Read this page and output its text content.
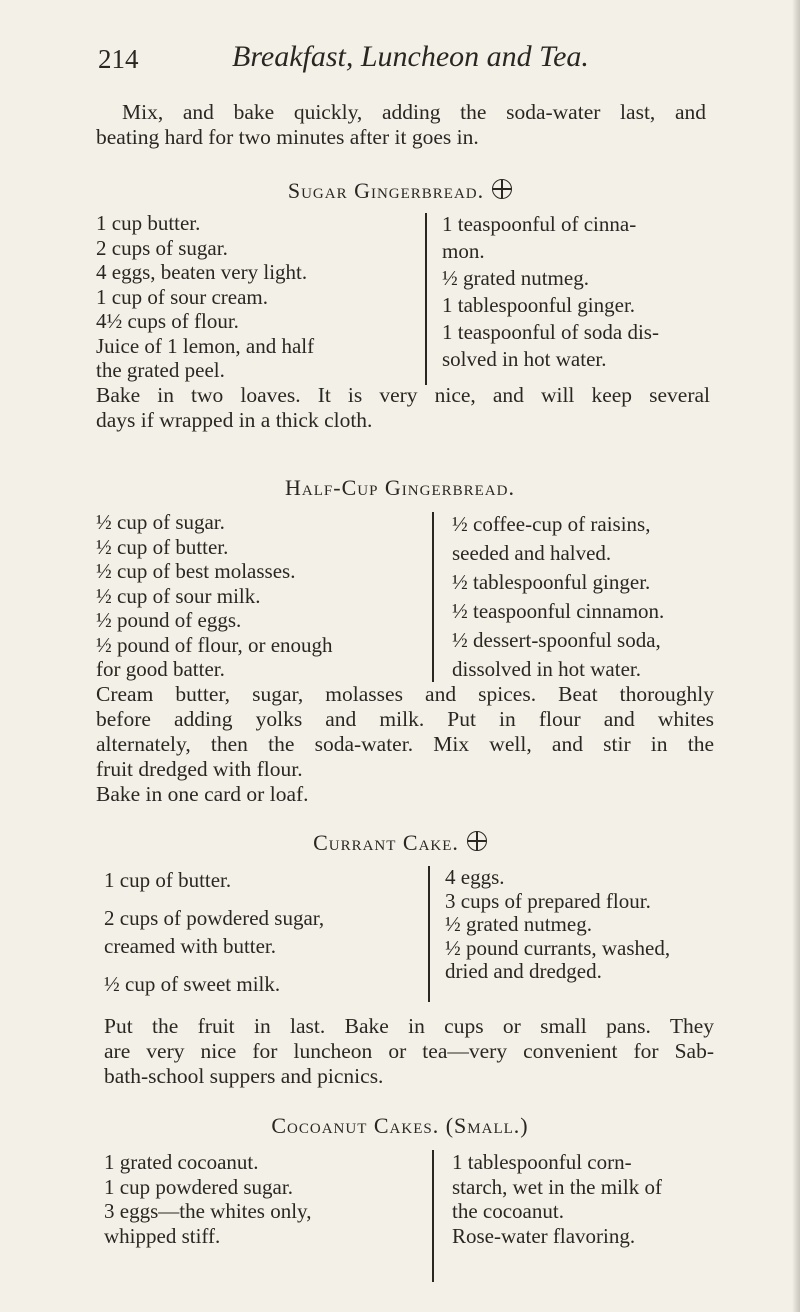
214	Breakfast, Luncheon and Tea.
Mix, and bake quickly, adding the soda-water last, and
beating hard for two minutes after it goes in.
Sugar Gingerbread.
1 cup butter.
2 cups of sugar.
4 eggs, beaten very light.
1 cup of sour cream.
4½ cups of flour.
Juice of 1 lemon, and half
the grated peel.
1 teaspoonful of cinna-
mon.
½ grated nutmeg.
1 tablespoonful ginger.
1 teaspoonful of soda dis-
solved in hot water.
Bake in two loaves. It is very nice, and will keep several
days if wrapped in a thick cloth.
Half-Cup Gingerbread.
½ cup of sugar.
½ cup of butter.
½ cup of best molasses.
½ cup of sour milk.
½ pound of eggs.
½ pound of flour, or enough
for good batter.
½ coffee-cup of raisins,
seeded and halved.
½ tablespoonful ginger.
½ teaspoonful cinnamon.
½ dessert-spoonful soda,
dissolved in hot water.
Cream butter, sugar, molasses and spices. Beat thoroughly
before adding yolks and milk. Put in flour and whites
alternately, then the soda-water. Mix well, and stir in the
fruit dredged with flour.
Bake in one card or loaf.
Currant Cake.
1 cup of butter.
2 cups of powdered sugar,
creamed with butter.
½ cup of sweet milk.
4 eggs.
3 cups of prepared flour.
½ grated nutmeg.
½ pound currants, washed,
dried and dredged.
Put the fruit in last. Bake in cups or small pans. They
are very nice for luncheon or tea—very convenient for Sab-
bath-school suppers and picnics.
Cocoanut Cakes. (Small.)
1 grated cocoanut.
1 cup powdered sugar.
3 eggs—the whites only,
whipped stiff.
1 tablespoonful corn-
starch, wet in the milk of
the cocoanut.
Rose-water flavoring.
